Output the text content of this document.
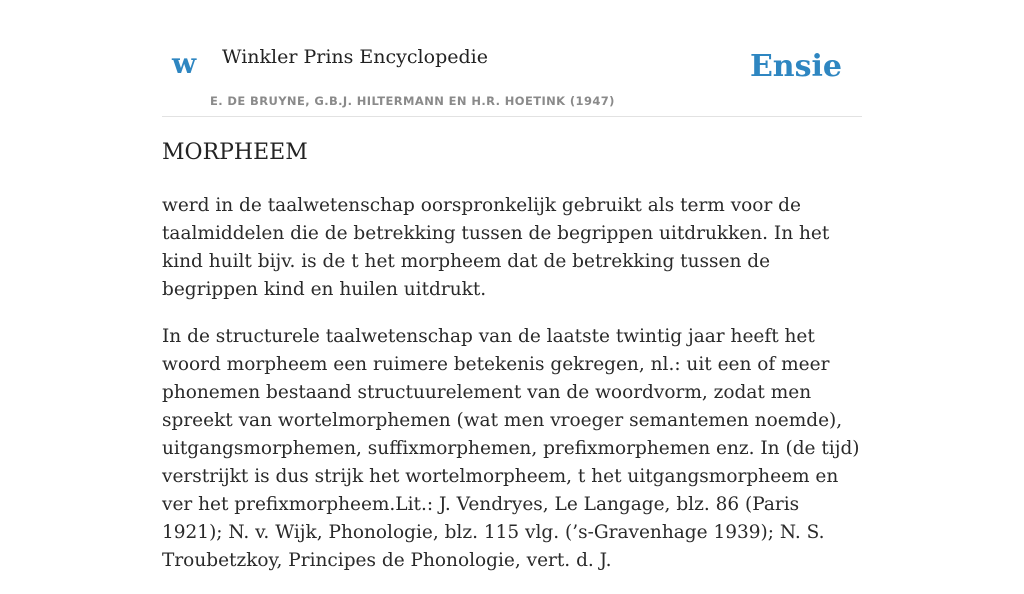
w Winkler Prins Encyclopedie
E. DE BRUYNE, G.B.J. HILTERMANN EN H.R. HOETINK (1947)
Ensie
MORPHEEM

werd in de taalwetenschap oorspronkelijk gebruikt als term voor de taalmiddelen die de betrekking tussen de begrippen uitdrukken. In het kind huilt bijv. is de t het morpheem dat de betrekking tussen de begrippen kind en huilen uitdrukt.

In de structurele taalwetenschap van de laatste twintig jaar heeft het woord morpheem een ruimere betekenis gekregen, nl.: uit een of meer phonemen bestaand structuurelement van de woordvorm, zodat men spreekt van wortelmorphemen (wat men vroeger semantemen noemde), uitgangsmorphemen, suffixmorphemen, prefixmorphemen enz. In (de tijd) verstrijkt is dus strijk het wortelmorpheem, t het uitgangsmorpheem en ver het prefixmorpheem.Lit.: J. Vendryes, Le Langage, blz. 86 (Paris 1921); N. v. Wijk, Phonologie, blz. 115 vlg. (’s-Gravenhage 1939); N. S. Troubetzkoy, Principes de Phonologie, vert. d. J.
